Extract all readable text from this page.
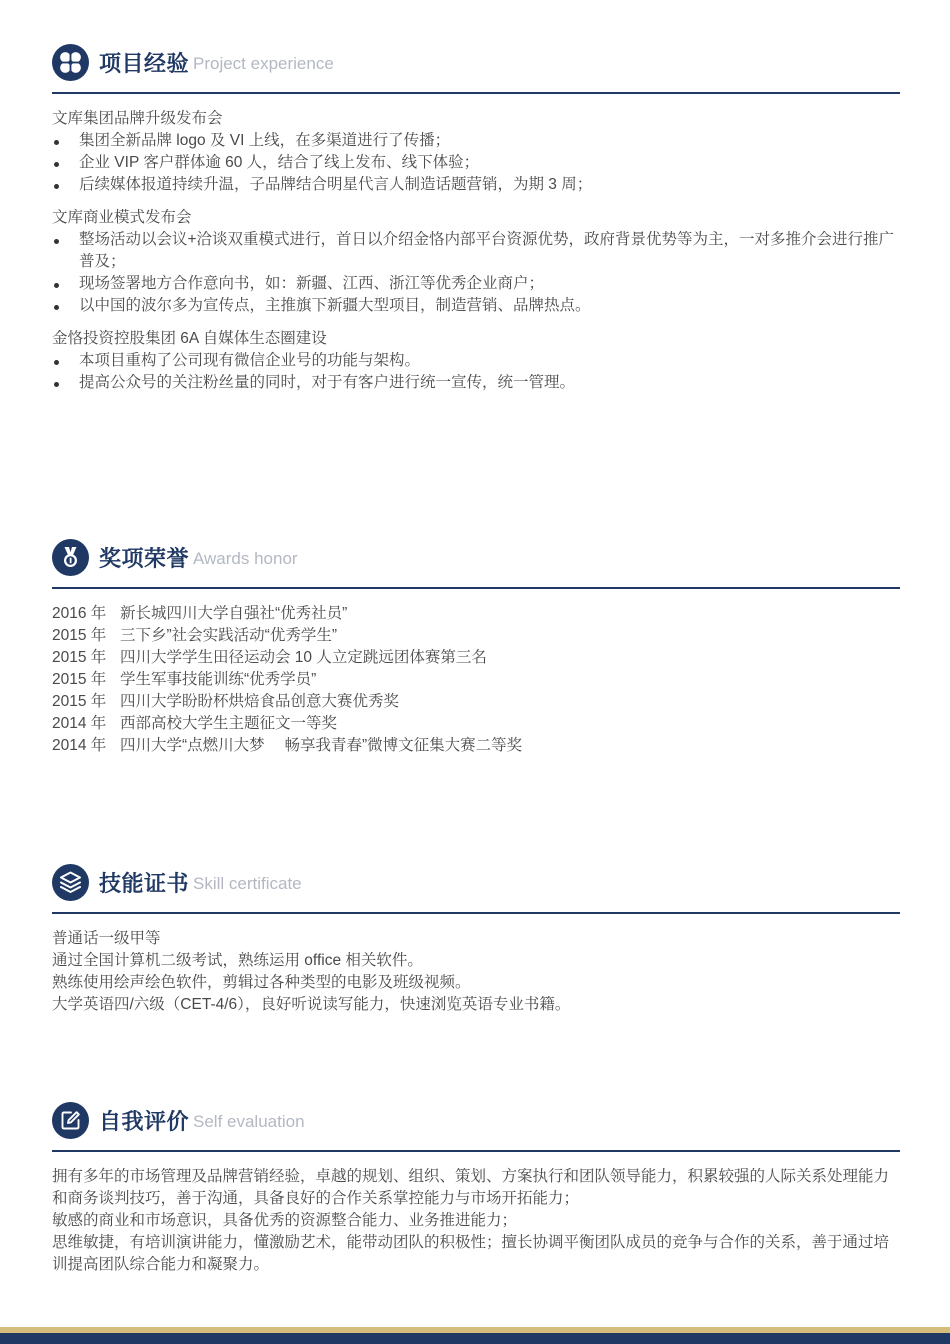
项目经验 Project experience
文库集团品牌升级发布会
集团全新品牌 logo 及 VI 上线，在多渠道进行了传播；
企业 VIP 客户群体逾 60 人，结合了线上发布、线下体验；
后续媒体报道持续升温，子品牌结合明星代言人制造话题营销，为期 3 周；
文库商业模式发布会
整场活动以会议+洽谈双重模式进行，首日以介绍金恪内部平台资源优势，政府背景优势等为主，一对多推介会进行推广普及；
现场签署地方合作意向书，如：新疆、江西、浙江等优秀企业商户；
以中国的波尔多为宣传点，主推旗下新疆大型项目，制造营销、品牌热点。
金恪投资控股集团 6A 自媒体生态圈建设
本项目重构了公司现有微信企业号的功能与架构。
提高公众号的关注粉丝量的同时，对于有客户进行统一宣传，统一管理。
奖项荣誉 Awards honor
2016 年 新长城四川大学自强社“优秀社员”
2015 年 三下乡”社会实践活动“优秀学生”
2015 年 四川大学学生田径运动会 10 人立定跳远团体赛第三名
2015 年 学生军事技能训练“优秀学员”
2015 年 四川大学盼盼杯烘焙食品创意大赛优秀奖
2014 年 西部高校大学生主题征文一等奖
2014 年 四川大学“点燃川大梦　 畅享我青春”微博文征集大赛二等奖
技能证书 Skill certificate
普通话一级甲等
通过全国计算机二级考试，熟练运用 office 相关软件。
熟练使用绘声绘色软件，剪辑过各种类型的电影及班级视频。
大学英语四/六级（CET-4/6），良好听说读写能力，快速浏览英语专业书籍。
自我评价 Self evaluation
拥有多年的市场管理及品牌营销经验，卓越的规划、组织、策划、方案执行和团队领导能力，积累较强的人际关系处理能力和商务谈判技巧，善于沟通，具备良好的合作关系掌控能力与市场开拓能力；
敏感的商业和市场意识，具备优秀的资源整合能力、业务推进能力；
思维敏捷，有培训演讲能力，懂激励艺术，能带动团队的积极性；擅长协调平衡团队成员的竞争与合作的关系，善于通过培训提高团队综合能力和凝聚力。
